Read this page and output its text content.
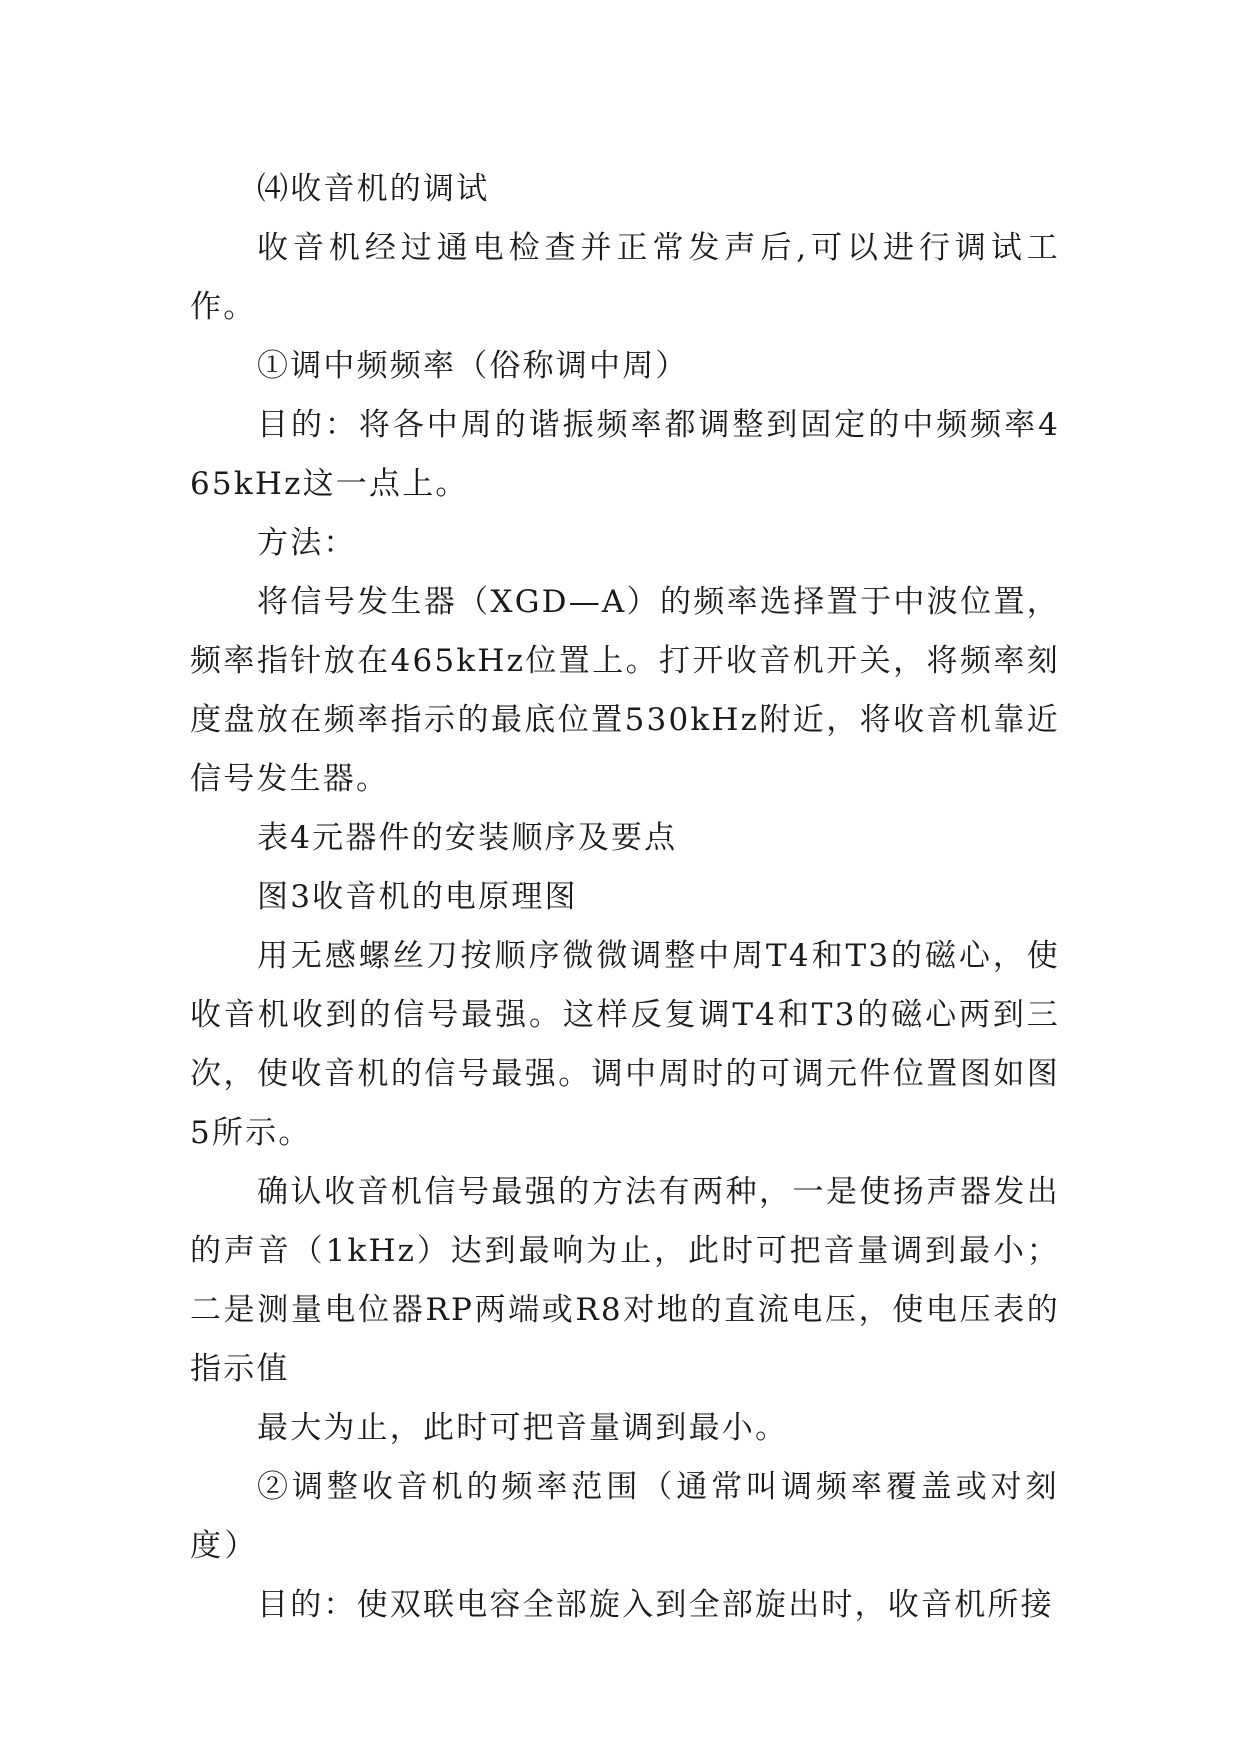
⑷收音机的调试

收音机经过通电检查并正常发声后,可以进行调试工作。

①调中频频率（俗称调中周）

目的：将各中周的谐振频率都调整到固定的中频频率465kHz这一点上。

方法：

将信号发生器（XGD—A）的频率选择置于中波位置，频率指针放在465kHz位置上。打开收音机开关，将频率刻度盘放在频率指示的最底位置530kHz附近，将收音机靠近信号发生器。

表4元器件的安装顺序及要点

图3收音机的电原理图

用无感螺丝刀按顺序微微调整中周T4和T3的磁心，使收音机收到的信号最强。这样反复调T4和T3的磁心两到三次，使收音机的信号最强。调中周时的可调元件位置图如图5所示。

确认收音机信号最强的方法有两种，一是使扬声器发出的声音（1kHz）达到最响为止，此时可把音量调到最小；二是测量电位器RP两端或R8对地的直流电压，使电压表的指示值

最大为止，此时可把音量调到最小。

②调整收音机的频率范围（通常叫调频率覆盖或对刻度）

目的：使双联电容全部旋入到全部旋出时，收音机所接
